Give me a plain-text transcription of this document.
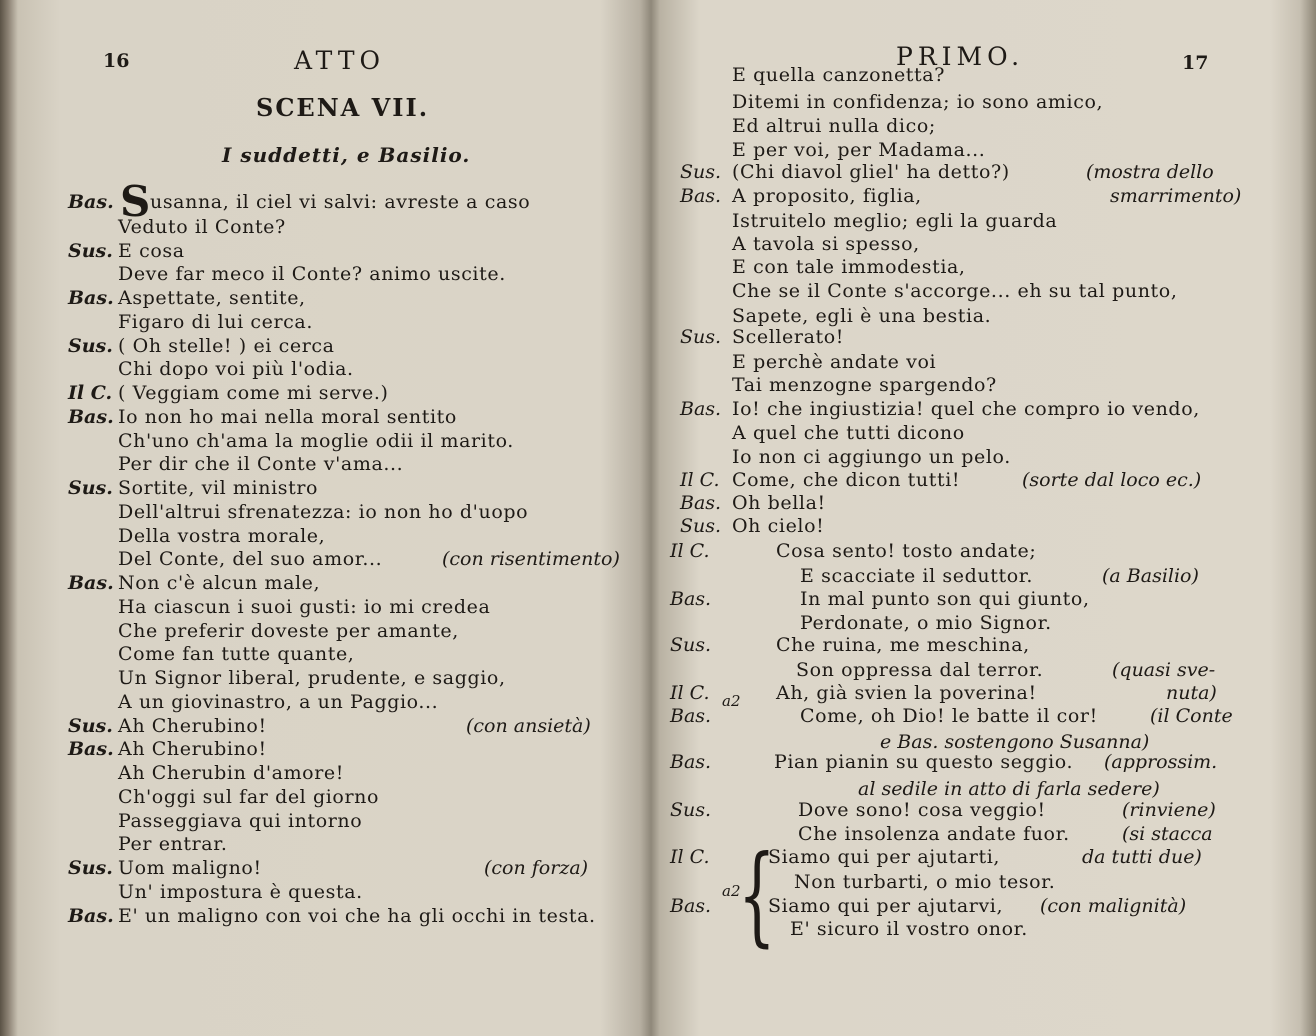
16	ATTO
SCENA VII.
I suddetti, e Basilio.
Bas. S usanna, il ciel vi salvi: avreste a caso
Veduto il Conte?
Sus. E cosa
Deve far meco il Conte? animo uscite.
Bas. Aspettate, sentite,
Figaro di lui cerca.
Sus. ( Oh stelle! ) ei cerca
Chi dopo voi più l'odia.
Il C. ( Veggiam come mi serve.)
Bas. Io non ho mai nella moral sentito
Ch'uno ch'ama la moglie odii il marito.
Per dir che il Conte v'ama...
Sus. Sortite, vil ministro
Dell'altrui sfrenatezza: io non ho d'uopo
Della vostra morale,
Del Conte, del suo amor...	(con risentimento)
Bas. Non c'è alcun male,
Ha ciascun i suoi gusti: io mi credea
Che preferir doveste per amante,
Come fan tutte quante,
Un Signor liberal, prudente, e saggio,
A un giovinastro, a un Paggio...
Sus. Ah Cherubino!	(con ansietà)
Bas. Ah Cherubino!
Ah Cherubin d'amore!
Ch'oggi sul far del giorno
Passeggiava qui intorno
Per entrar.
Sus. Uom maligno!	(con forza)
Un' impostura è questa.
Bas. E' un maligno con voi che ha gli occhi in testa.
PRIMO.	17
E quella canzonetta?
Ditemi in confidenza; io sono amico,
Ed altrui nulla dico;
E per voi, per Madama...
Sus. (Chi diavol gliel' ha detto?)	(mostra dello
Bas. A proposito, figlia,	smarrimento)
Istruitelo meglio; egli la guarda
A tavola si spesso,
E con tale immodestia,
Che se il Conte s'accorge... eh su tal punto,
Sapete, egli è una bestia.
Sus. Scellerato!
E perchè andate voi
Tai menzogne spargendo?
Bas. Io! che ingiustizia! quel che compro io vendo,
A quel che tutti dicono
Io non ci aggiungo un pelo.
Il C. Come, che dicon tutti!	(sorte dal loco ec.)
Bas. Oh bella!
Sus. Oh cielo!
Il C.	Cosa sento! tosto andate;
E scacciate il seduttor.	(a Basilio)
Bas.	In mal punto son qui giunto,
Perdonate, o mio Signor.
Sus.	Che ruina, me meschina,
Son oppressa dal terror.	(quasi sve-
Il C.	Ah, già svien la poverina!	nuta)
Bas.	Come, oh Dio! le batte il cor!	(il Conte
e Bas. sostengono Susanna)
Bas.	Pian pianin su questo seggio. (approssim.
al sedile in atto di farla sedere)
Sus.	Dove sono! cosa veggio!	(rinviene)
Che insolenza andate fuor.	(si stacca
Il C.	Siamo qui per ajutarti,	da tutti due)
Non turbarti, o mio tesor.
Bas.	Siamo qui per ajutarvi, (con malignità)
E' sicuro il vostro onor.
a2
a2
{
